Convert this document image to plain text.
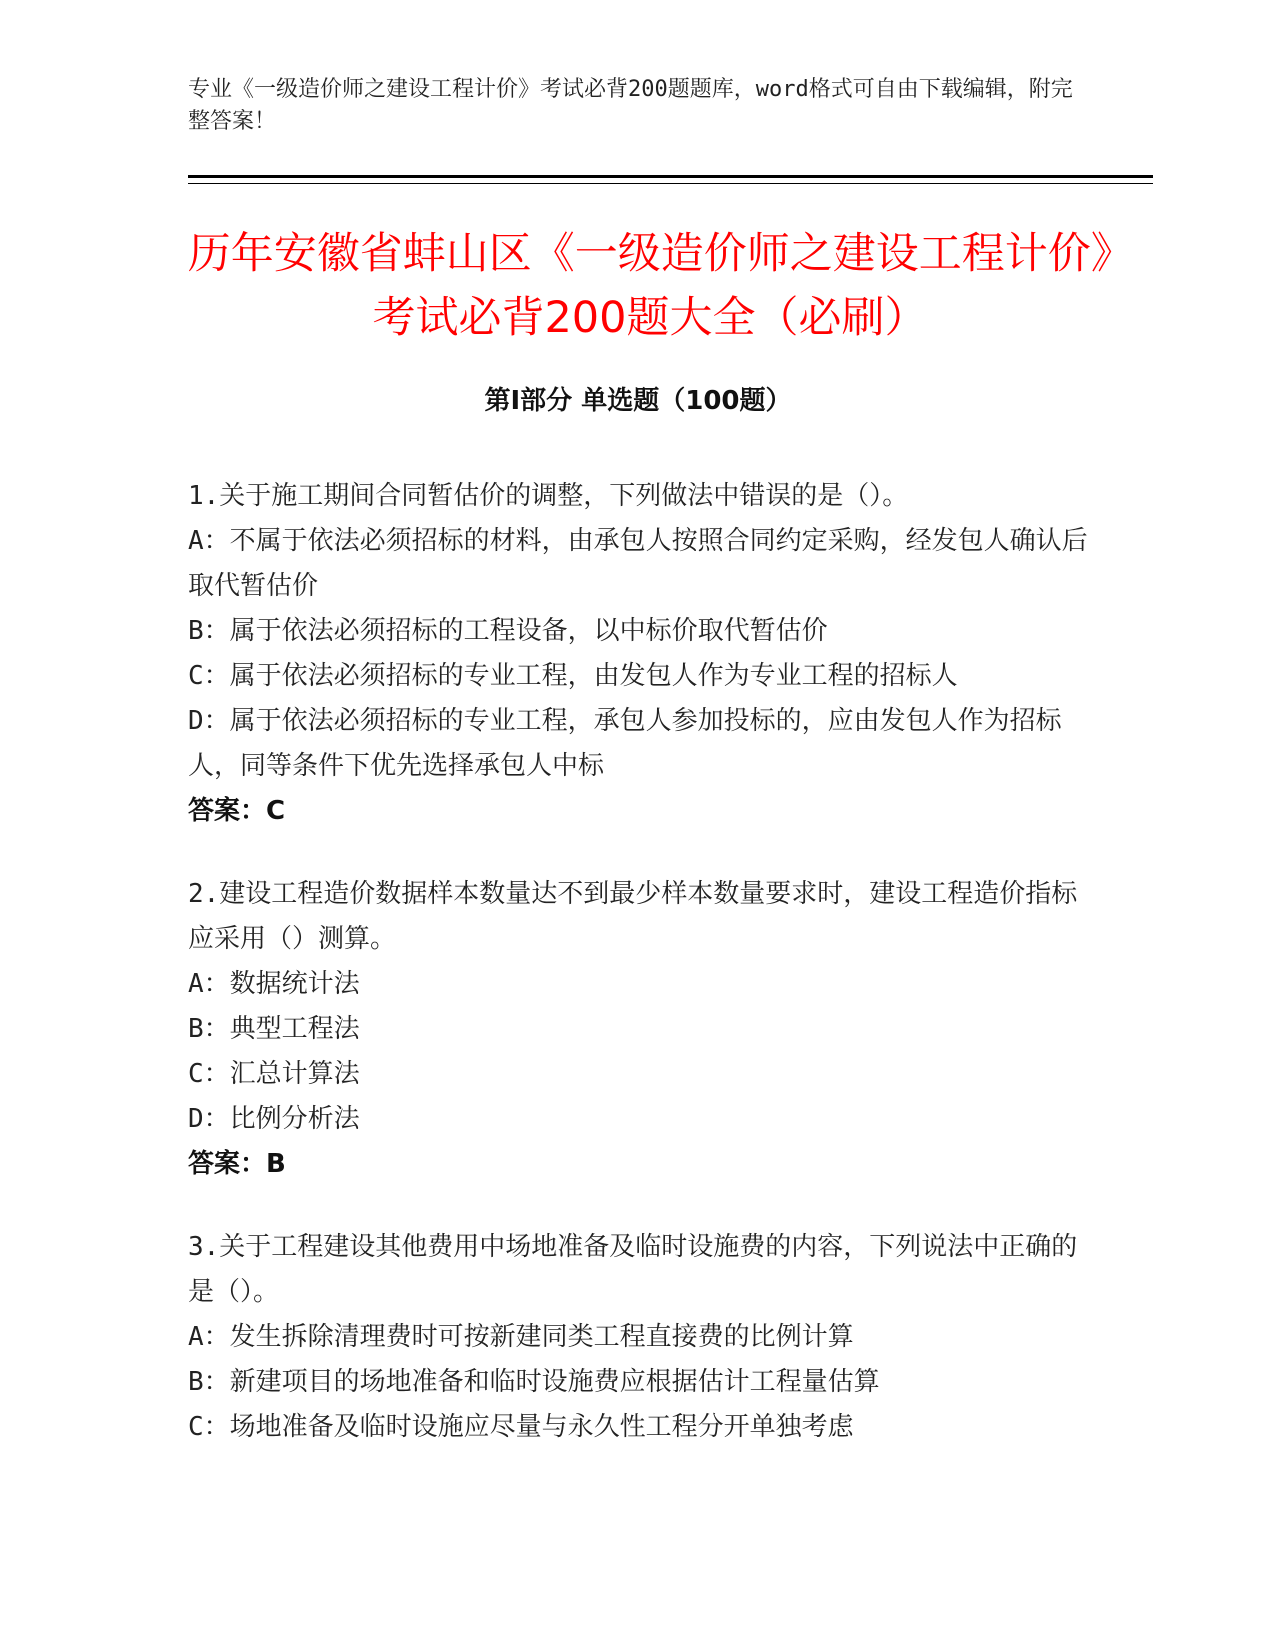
专业《一级造价师之建设工程计价》考试必背200题题库，word格式可自由下载编辑，附完整答案！
历年安徽省蚌山区《一级造价师之建设工程计价》考试必背200题大全（必刷）
第Ⅰ部分 单选题（100题）

1.关于施工期间合同暂估价的调整，下列做法中错误的是（）。

A：不属于依法必须招标的材料，由承包人按照合同约定采购，经发包人确认后取代暂估价

B：属于依法必须招标的工程设备，以中标价取代暂估价

C：属于依法必须招标的专业工程，由发包人作为专业工程的招标人

D：属于依法必须招标的专业工程，承包人参加投标的，应由发包人作为招标人，同等条件下优先选择承包人中标

答案：C

2.建设工程造价数据样本数量达不到最少样本数量要求时，建设工程造价指标应采用（）测算。

A：数据统计法

B：典型工程法

C：汇总计算法

D：比例分析法

答案：B

3.关于工程建设其他费用中场地准备及临时设施费的内容，下列说法中正确的是（）。

A：发生拆除清理费时可按新建同类工程直接费的比例计算

B：新建项目的场地准备和临时设施费应根据估计工程量估算

C：场地准备及临时设施应尽量与永久性工程分开单独考虑
